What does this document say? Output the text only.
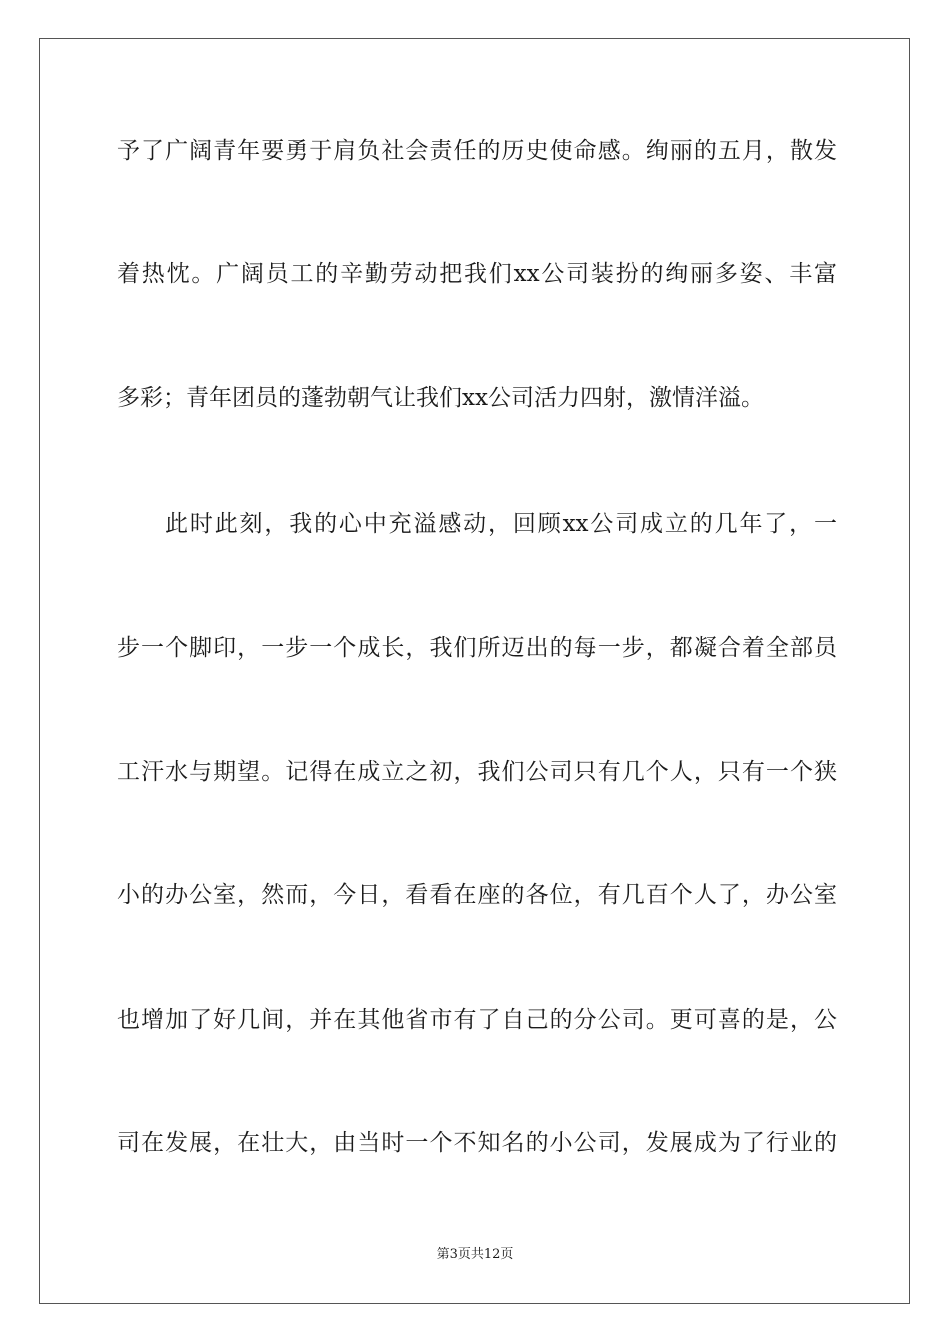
予了广阔青年要勇于肩负社会责任的历史使命感。绚丽的五月，散发

着热忱。广阔员工的辛勤劳动把我们xx公司装扮的绚丽多姿、丰富

多彩；青年团员的蓬勃朝气让我们xx公司活力四射，激情洋溢。

此时此刻，我的心中充溢感动，回顾xx公司成立的几年了，一

步一个脚印，一步一个成长，我们所迈出的每一步，都凝合着全部员

工汗水与期望。记得在成立之初，我们公司只有几个人，只有一个狭

小的办公室，然而，今日，看看在座的各位，有几百个人了，办公室

也增加了好几间，并在其他省市有了自己的分公司。更可喜的是，公

司在发展，在壮大，由当时一个不知名的小公司，发展成为了行业的

第3页共12页
